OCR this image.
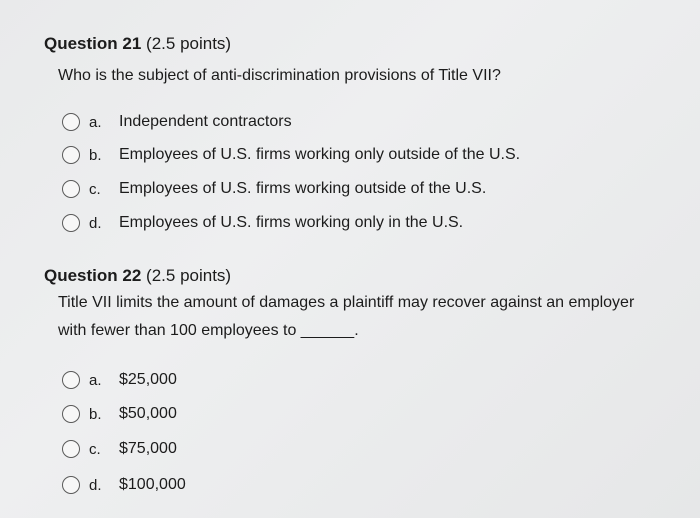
Question 21 (2.5 points)
Who is the subject of anti-discrimination provisions of Title VII?
a.	Independent contractors
b.	Employees of U.S. firms working only outside of the U.S.
c.	Employees of U.S. firms working outside of the U.S.
d.	Employees of U.S. firms working only in the U.S.
Question 22 (2.5 points)
Title VII limits the amount of damages a plaintiff may recover against an employer
with fewer than 100 employees to ______.
a.	$25,000
b.	$50,000
c.	$75,000
d.	$100,000
